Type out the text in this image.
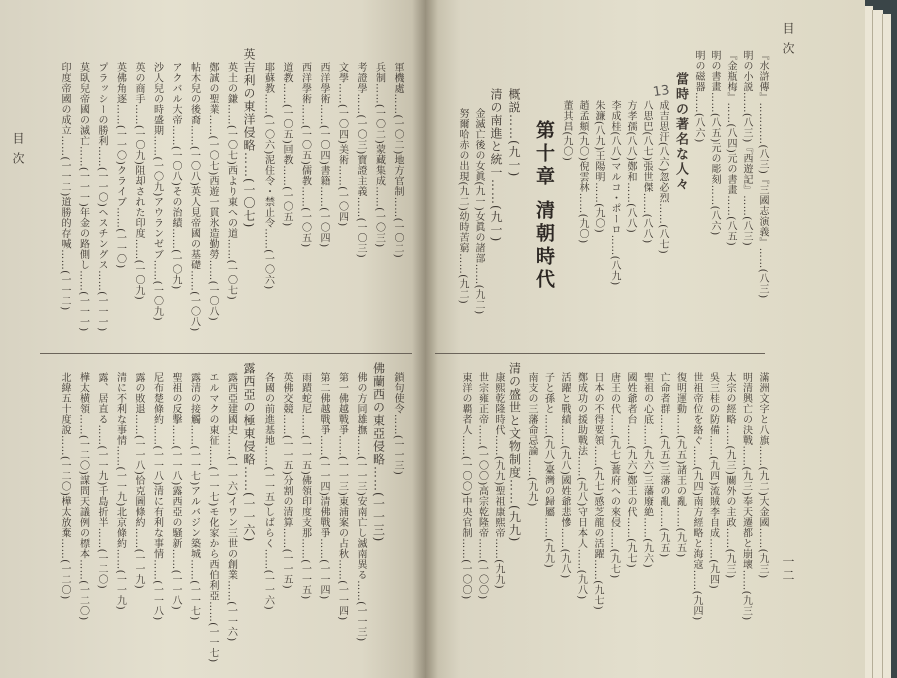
目 次	軍機處……(一〇二)地方官制……(一〇二)
兵制……(一〇二)蒙藏集成……(一〇三)
考證學……(一〇三)寶證主義……(一〇三)
文學……(一〇四)美術……(一〇四)
西洋學術……(一〇四)書籍……(一〇四)
西洋學術……(一〇五)儒教……(一〇五)
道教……(一〇五)回教……(一〇五)
耶蘇教……(一〇六)泥住令・禁止令……(一〇六)
英吉利の東洋侵略……(一〇七)
英土の鎌……(一〇七)西より東への道……(一〇七)
鄭誠の聖業……(一〇七)西遊一貫氷造勤勞……(一〇八)
帖木兒の後裔……(一〇八)英人見帝國の基礎……(一〇八)
アクバル大帝……(一〇八)その治績……(一〇九)
沙人兒の時盛期……(一〇九)アウランゼブ……(一〇九)
英の商手……(一〇九)阻却された印度……(一〇九)
英佛角逐……(一一〇)クライブ……(一一〇)
プラッシーの勝利……(一一〇)ヘスチングス……(一一一)
莫臥兒帝國の滅亡……(一一一)年金の路側し……(一一一)
印度帝國の成立……(一一二)道勝的存喊……(一一二)
鎖句使令……(一一三)
佛蘭西の東亞侵略……(一一三)
佛の方同雄撫……(一一三)安南亡し滅南異る……(一一三)
第一佛越戰爭……(一一三)東浦案の占秋……(一一四)
第二佛越戰爭……(一一四)清佛戰爭……(一一四)
雨蹟蛇尼……(一一五)佛領印度支那……(一一五)
英佛交競……(一一五)分割の清算……(一一五)
各國の前進基地……(一一五)しばらく……(一一六)
露西亞の極東侵略……(一一六)
露西亞建國史……(一一六)イワン三世の創業……(一一六)
エルマクの東征……(一一七)モ化家から西伯利亞……(一一七)
露清の接觸……(一一七)アルバジン築城……(一一七)
聖祖の反擊……(一一八)露西亞の騒新……(一一八)
尼布楚條約……(一一八)清に有利な事情……(一一八)
露の敗退……(一一八)恰克圖條約……(一一九)
清に不利な事情……(一一九)北京條約……(一一九)
露、居直る……(一一九)千島折半……(一二〇)
樺太横領……(一二〇)謀問天議例の標本……(一二〇)
北緯五十度說……(一二〇)樺太放棄……(一二〇)
目 次
一二
13	『水滸傳』…………(八三)『三國志演義』……(八三)
明の小説……(八三)『西遊記』……(八三)
『金瓶梅』……(八四)元の書畫……(八五)
明の書畫……(八五)元の彫刻……(八六)
明の磁器……(八六)
當時の著名な人々
成吉思汗(八六)忽必烈……(八七)
八思巴(八七)張世傑……(八八)
方孝孺(八八)鄭和……(八八)
李成桂(八八)マルコ・ポーロ……(八九)
朱濂(八九)王陽明……(九〇)
趙孟頫(九〇)倪雲林……(九〇)
董其昌(九〇)
第十章 清朝時代
概説……(九一)
清の南進と統一……(九一)
金滅亡後の女眞(九一)女眞の諸部……(九二)
努爾哈赤の出現(九二)幼時苦窮……(九二)
滿洲文字と八旗……(九二)大金國……(九三)
明清興亡の決戰……(九三)奉天遷都と崩壞……(九三)
太宗の經略……(九三)關外の主政……(九三)
吳三桂の防備……(九四)流賊李自成……(九四)
世祖帝位を絡ぐ……(九四)南方經略と海寇……(九四)
復明運動……(九五)諸王の亂……(九五)
亡命者群……(九五)三藩の亂……(九五)
聖祖の心底……(九六)三藩廢絶……(九六)
國姓爺者台……(九六)鄭王の代……(九七)
唐王の代……(九七)薔府への來侵……(九七)
日本の不得要領……(九七)感芝龍の活躍……(九七)
鄭成功の援助戰法……(九八)守日本人……(九八)
活躍と戰績……(九八)國姓爺悲慘……(九八)
子と孫と……(九八)臺灣の歸屬……(九九)
南支の三藩命忌論……(九九)
清の盛世と文物制度……(九九)
康熙乾隆時代……(九九)聖祖康熙帝……(九九)
世宗雍正帝……(一〇〇)高宗乾隆帝……(一〇〇)
東洋の覇者人……(一〇〇)中央官制……(一〇〇)
